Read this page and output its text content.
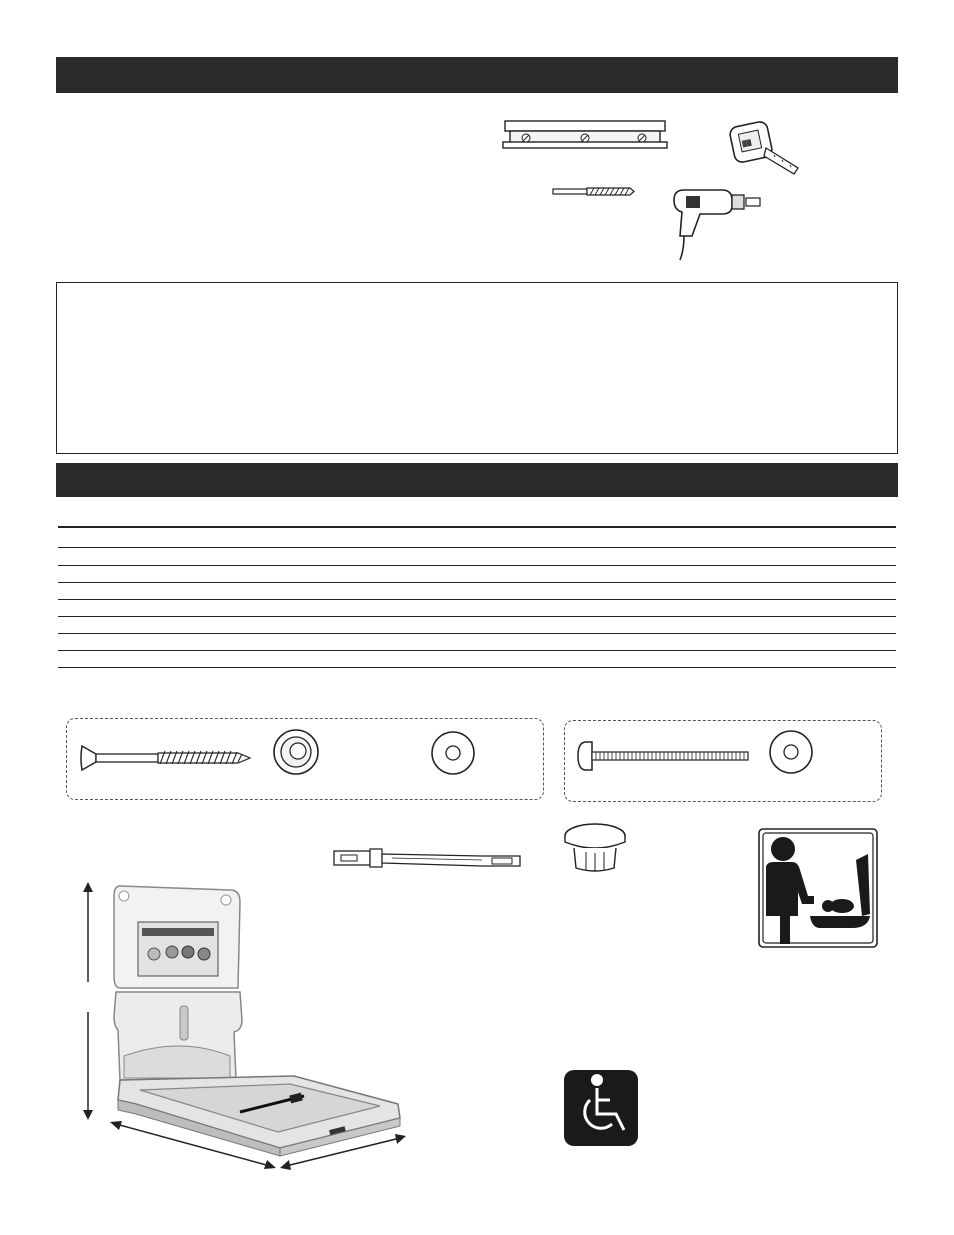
▓▓
